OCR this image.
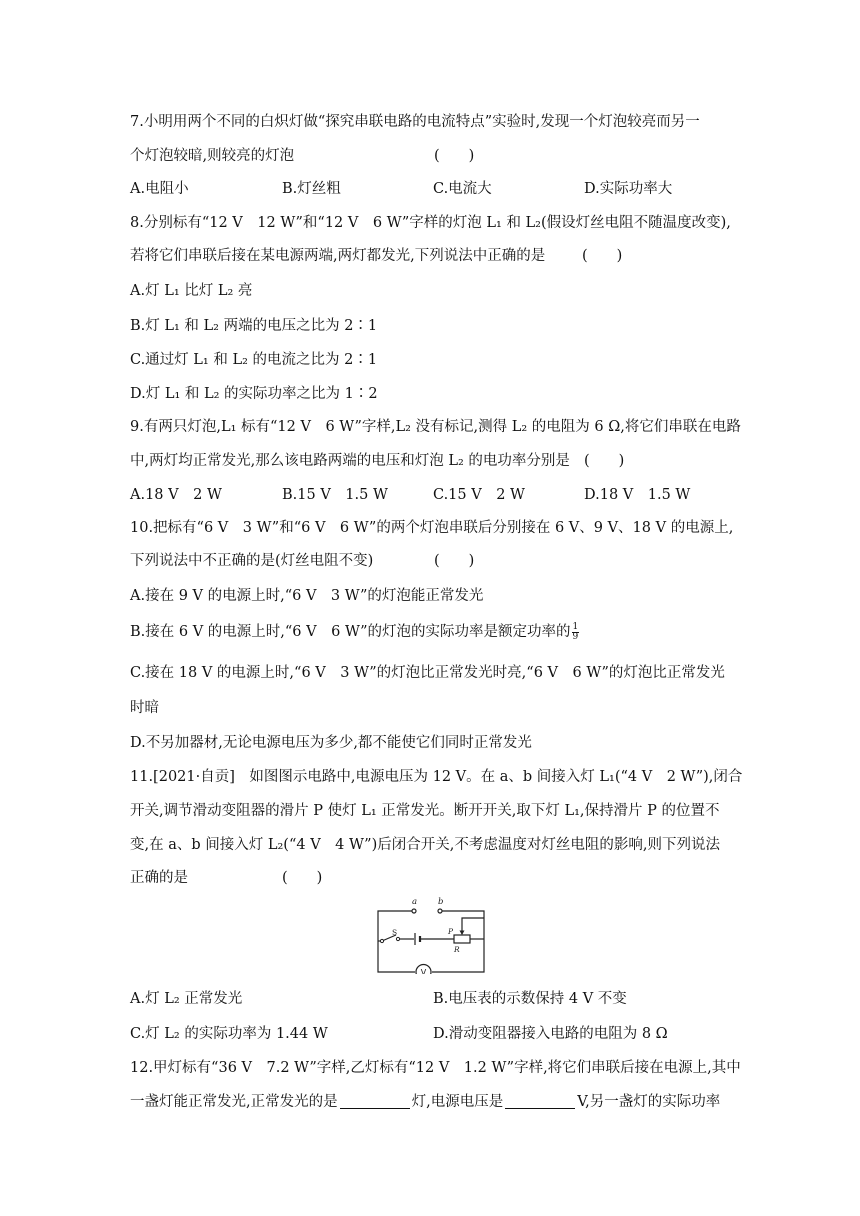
7.小明用两个不同的白炽灯做“探究串联电路的电流特点”实验时,发现一个灯泡较亮而另一
个灯泡较暗,则较亮的灯泡	(　　)
A.电阻小	B.灯丝粗	C.电流大	D.实际功率大
8.分别标有“12 V　12 W”和“12 V　6 W”字样的灯泡 L₁ 和 L₂(假设灯丝电阻不随温度改变),
若将它们串联后接在某电源两端,两灯都发光,下列说法中正确的是	(　　)
A.灯 L₁ 比灯 L₂ 亮
B.灯 L₁ 和 L₂ 两端的电压之比为 2∶1
C.通过灯 L₁ 和 L₂ 的电流之比为 2∶1
D.灯 L₁ 和 L₂ 的实际功率之比为 1∶2
9.有两只灯泡,L₁ 标有“12 V　6 W”字样,L₂ 没有标记,测得 L₂ 的电阻为 6 Ω,将它们串联在电路
中,两灯均正常发光,那么该电路两端的电压和灯泡 L₂ 的电功率分别是 (　　)
A.18 V　2 W	B.15 V　1.5 W	C.15 V　2 W	D.18 V　1.5 W
10.把标有“6 V　3 W”和“6 V　6 W”的两个灯泡串联后分别接在 6 V、9 V、18 V 的电源上,
下列说法中不正确的是(灯丝电阻不变)	(　　)
A.接在 9 V 的电源上时,“6 V　3 W”的灯泡能正常发光
B.接在 6 V 的电源上时,“6 V　6 W”的灯泡的实际功率是额定功率的 $\frac{1}{9}$
C.接在 18 V 的电源上时,“6 V　3 W”的灯泡比正常发光时亮,“6 V　6 W”的灯泡比正常发光
时暗
D.不另加器材,无论电源电压为多少,都不能使它们同时正常发光
11.[2021·自贡]　如图图示电路中,电源电压为 12 V。在 a、b 间接入灯 L₁(“4 V　2 W”),闭合
开关,调节滑动变阻器的滑片 P 使灯 L₁ 正常发光。断开开关,取下灯 L₁,保持滑片 P 的位置不
变,在 a、b 间接入灯 L₂(“4 V　4 W”)后闭合开关,不考虑温度对灯丝电阻的影响,则下列说法
正确的是	(　　)
V
a b
S	P
R
A.灯 L₂ 正常发光	B.电压表的示数保持 4 V 不变
C.灯 L₂ 的实际功率为 1.44 W	D.滑动变阻器接入电路的电阻为 8 Ω
12.甲灯标有“36 V　7.2 W”字样,乙灯标有“12 V　1.2 W”字样,将它们串联后接在电源上,其中
一盏灯能正常发光,正常发光的是	灯,电源电压是	V,另一盏灯的实际功率
